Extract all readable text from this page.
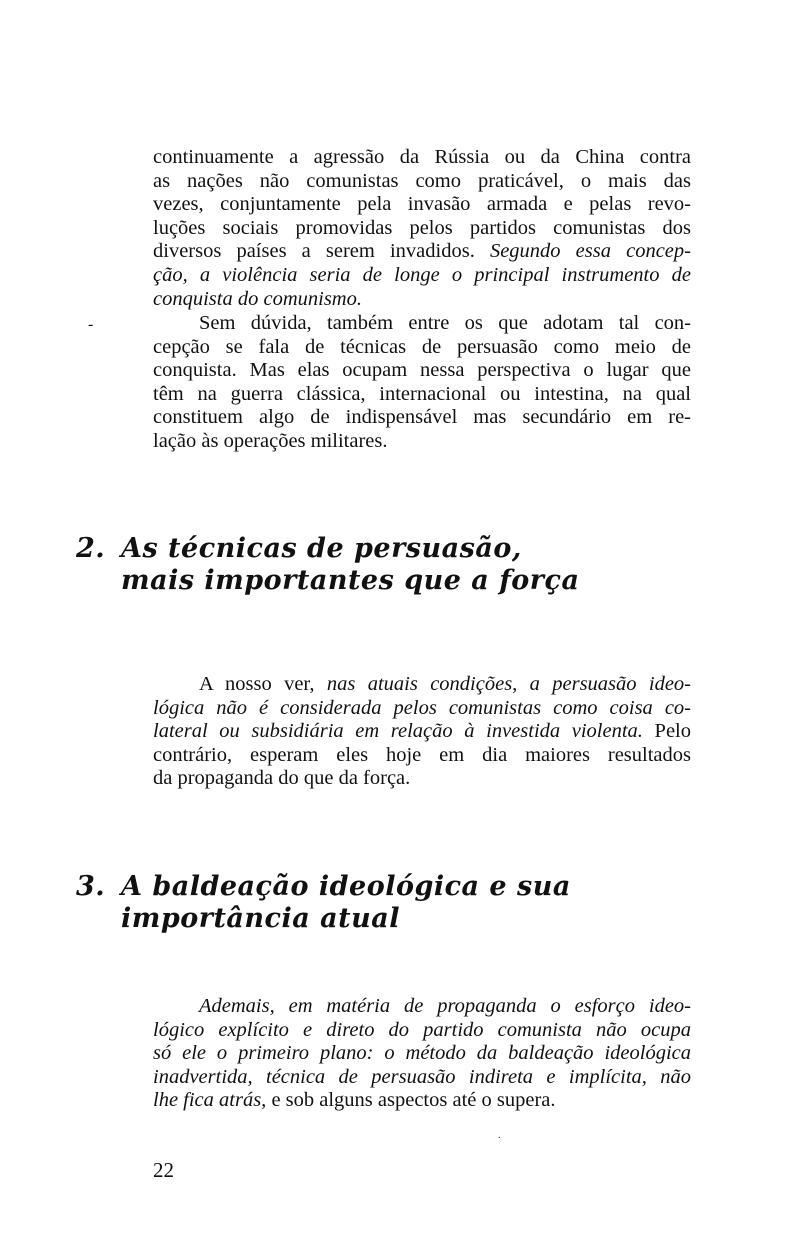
continuamente a agressão da Rússia ou da China contra
as nações não comunistas como praticável, o mais das
vezes, conjuntamente pela invasão armada e pelas revo-
luções sociais promovidas pelos partidos comunistas dos
diversos países a serem invadidos. Segundo essa concep-
ção, a violência seria de longe o principal instrumento de
conquista do comunismo.
-	Sem dúvida, também entre os que adotam tal con-
cepção se fala de técnicas de persuasão como meio de
conquista. Mas elas ocupam nessa perspectiva o lugar que
têm na guerra clássica, internacional ou intestina, na qual
constituem algo de indispensável mas secundário em re-
lação às operações militares.
2. As técnicas de persuasão,
mais importantes que a força
A nosso ver, nas atuais condições, a persuasão ideo-
lógica não é considerada pelos comunistas como coisa co-
lateral ou subsidiária em relação à investida violenta. Pelo
contrário, esperam eles hoje em dia maiores resultados
da propaganda do que da força.
3. A baldeação ideológica e sua
importância atual
Ademais, em matéria de propaganda o esforço ideo-
lógico explícito e direto do partido comunista não ocupa
só ele o primeiro plano: o método da baldeação ideológica
inadvertida, técnica de persuasão indireta e implícita, não
lhe fica atrás, e sob alguns aspectos até o supera.
.
22
